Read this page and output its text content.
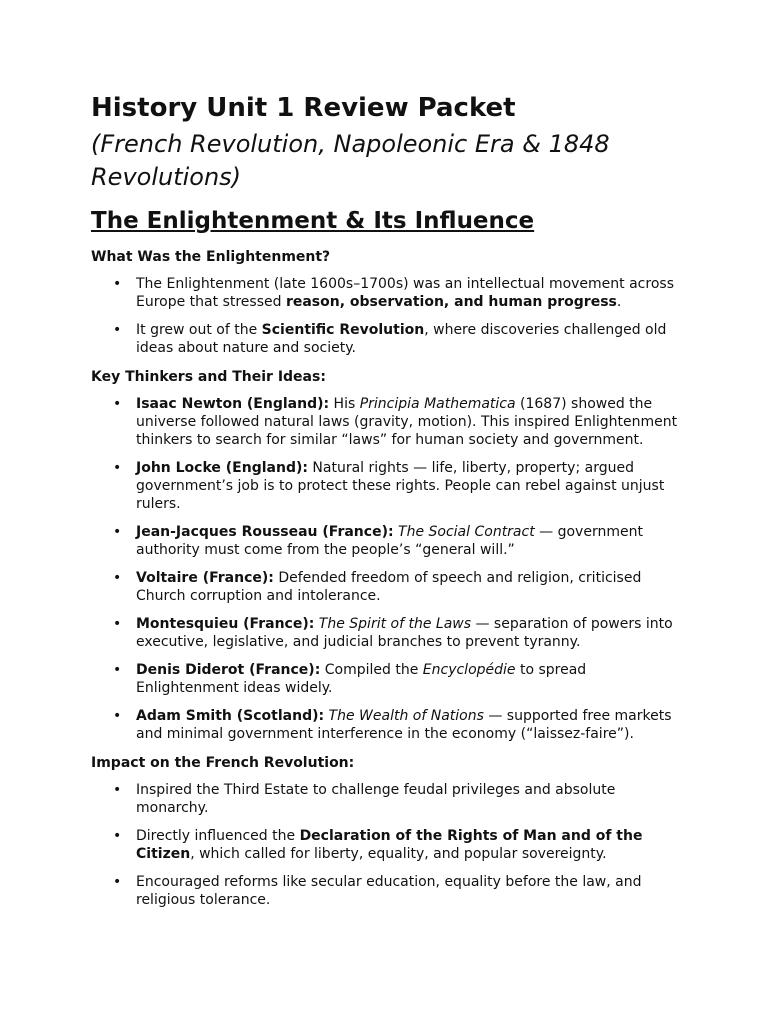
History Unit 1 Review Packet

(French Revolution, Napoleonic Era & 1848 Revolutions)

The Enlightenment & Its Influence
What Was the Enlightenment?
• The Enlightenment (late 1600s–1700s) was an intellectual movement across Europe that stressed reason, observation, and human progress.
• It grew out of the Scientific Revolution, where discoveries challenged old ideas about nature and society.
Key Thinkers and Their Ideas:
• Isaac Newton (England): His Principia Mathematica (1687) showed the universe followed natural laws (gravity, motion). This inspired Enlightenment thinkers to search for similar “laws” for human society and government.
• John Locke (England): Natural rights — life, liberty, property; argued government’s job is to protect these rights. People can rebel against unjust rulers.
• Jean-Jacques Rousseau (France): The Social Contract — government authority must come from the people’s “general will.”
• Voltaire (France): Defended freedom of speech and religion, criticised Church corruption and intolerance.
• Montesquieu (France): The Spirit of the Laws — separation of powers into executive, legislative, and judicial branches to prevent tyranny.
• Denis Diderot (France): Compiled the Encyclopédie to spread Enlightenment ideas widely.
• Adam Smith (Scotland): The Wealth of Nations — supported free markets and minimal government interference in the economy (“laissez-faire”).
Impact on the French Revolution:
• Inspired the Third Estate to challenge feudal privileges and absolute monarchy.
• Directly influenced the Declaration of the Rights of Man and of the Citizen, which called for liberty, equality, and popular sovereignty.
• Encouraged reforms like secular education, equality before the law, and religious tolerance.
